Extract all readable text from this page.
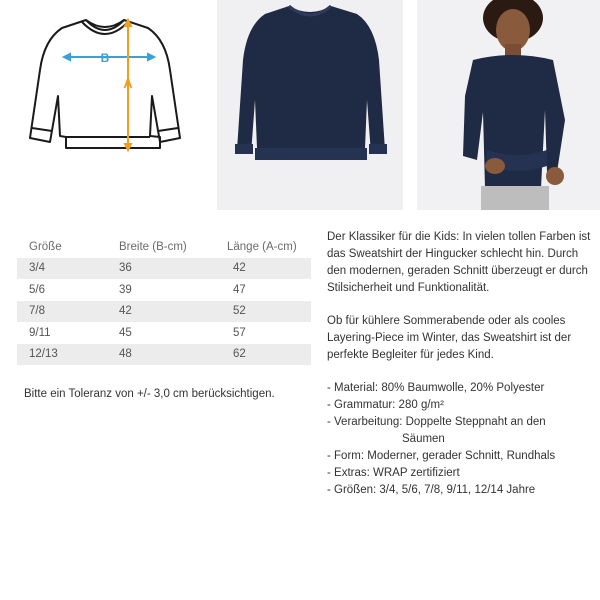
B
A
Größe	Breite (B-cm)	Länge (A-cm)
3/4	36	42
5/6	39	47
7/8	42	52
9/11	45	57
12/13	48	62
Bitte ein Toleranz von +/- 3,0 cm berücksichtigen.

Der Klassiker für die Kids: In vielen tollen Farben ist das Sweatshirt der Hingucker schlecht hin. Durch den modernen, geraden Schnitt überzeugt er durch Stilsicherheit und Funktionalität.

Ob für kühlere Sommerabende oder als cooles Layering-Piece im Winter, das Sweatshirt ist der perfekte Begleiter für jedes Kind.

- Material: 80% Baumwolle, 20% Polyester
- Grammatur: 280 g/m²
- Verarbeitung: Doppelte Steppnaht an den
Säumen
- Form: Moderner, gerader Schnitt, Rundhals
- Extras: WRAP zertifiziert
- Größen: 3/4, 5/6, 7/8, 9/11, 12/14 Jahre
